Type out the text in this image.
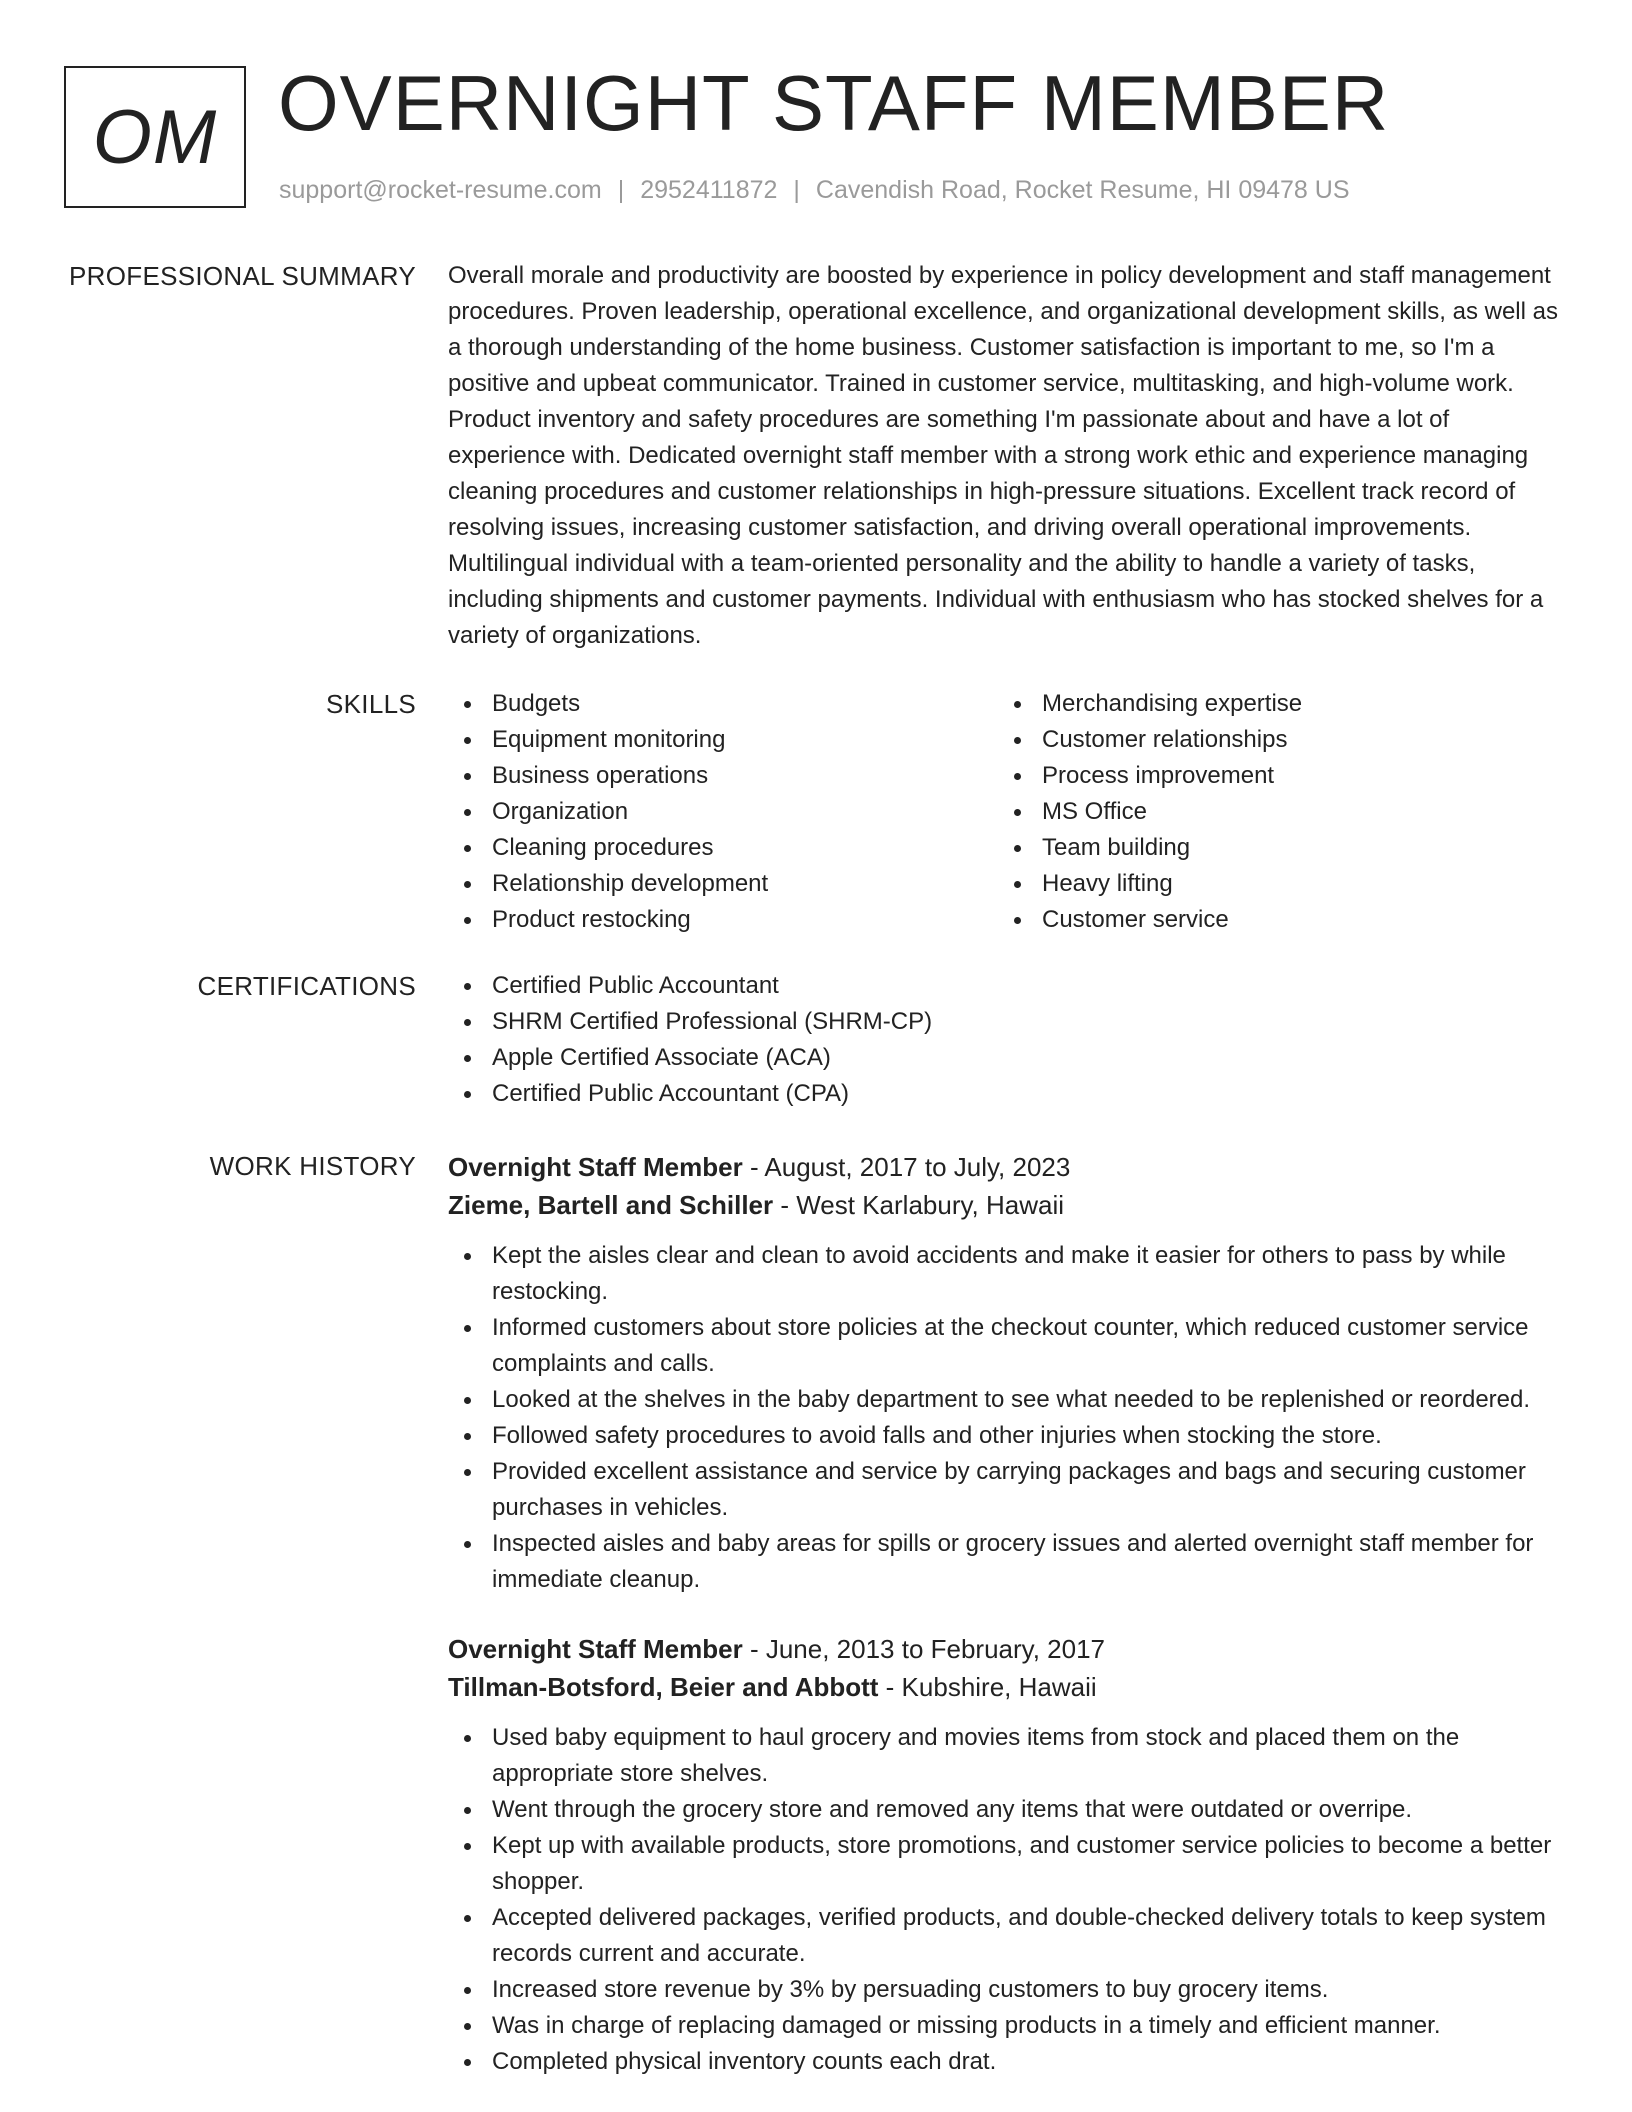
OM OVERNIGHT STAFF MEMBER
support@rocket-resume.com | 2952411872 | Cavendish Road, Rocket Resume, HI 09478 US
PROFESSIONAL SUMMARY Overall morale and productivity are boosted by experience in policy development and staff management procedures. Proven leadership, operational excellence, and organizational development skills, as well as a thorough understanding of the home business. Customer satisfaction is important to me, so I'm a positive and upbeat communicator. Trained in customer service, multitasking, and high-volume work. Product inventory and safety procedures are something I'm passionate about and have a lot of experience with. Dedicated overnight staff member with a strong work ethic and experience managing cleaning procedures and customer relationships in high-pressure situations. Excellent track record of resolving issues, increasing customer satisfaction, and driving overall operational improvements. Multilingual individual with a team-oriented personality and the ability to handle a variety of tasks, including shipments and customer payments. Individual with enthusiasm who has stocked shelves for a variety of organizations.

SKILLS	Budgets
Equipment monitoring
Business operations
Organization
Cleaning procedures
Relationship development
Product restocking
Merchandising expertise
Customer relationships
Process improvement
MS Office
Team building
Heavy lifting
Customer service
CERTIFICATIONS	Certified Public Accountant
SHRM Certified Professional (SHRM-CP)
Apple Certified Associate (ACA)
Certified Public Accountant (CPA)
WORK HISTORY Overnight Staff Member - August, 2017 to July, 2023
Zieme, Bartell and Schiller - West Karlabury, Hawaii
Kept the aisles clear and clean to avoid accidents and make it easier for others to pass by while restocking.
Informed customers about store policies at the checkout counter, which reduced customer service complaints and calls.
Looked at the shelves in the baby department to see what needed to be replenished or reordered.
Followed safety procedures to avoid falls and other injuries when stocking the store.
Provided excellent assistance and service by carrying packages and bags and securing customer purchases in vehicles.
Inspected aisles and baby areas for spills or grocery issues and alerted overnight staff member for immediate cleanup.
Overnight Staff Member - June, 2013 to February, 2017
Tillman-Botsford, Beier and Abbott - Kubshire, Hawaii
Used baby equipment to haul grocery and movies items from stock and placed them on the appropriate store shelves.
Went through the grocery store and removed any items that were outdated or overripe.
Kept up with available products, store promotions, and customer service policies to become a better shopper.
Accepted delivered packages, verified products, and double-checked delivery totals to keep system records current and accurate.
Increased store revenue by 3% by persuading customers to buy grocery items.
Was in charge of replacing damaged or missing products in a timely and efficient manner.
Completed physical inventory counts each drat.
